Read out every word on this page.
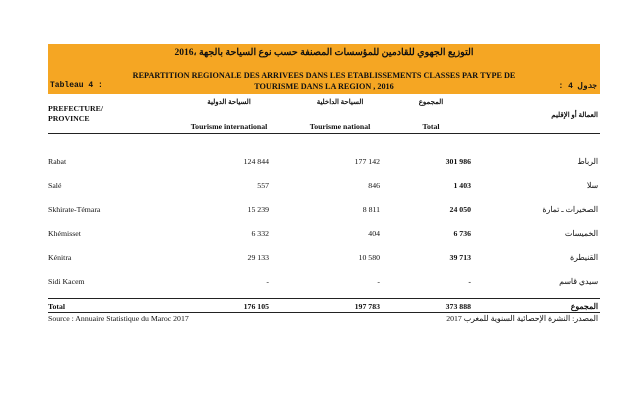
التوزيع الجهوي للقادمين للمؤسسات المصنفة حسب نوع السياحة بالجهة ،2016
REPARTITION REGIONALE DES ARRIVEES DANS LES ETABLISSEMENTS CLASSES PAR TYPE DE
TOURISME DANS LA REGION , 2016
Tableau 4 :	جدول 4 :
PREFECTURE/
PROVINCE
السياحة الدولية
Tourisme international
السياحة الداخلية
Tourisme national
المجموع
Total
العمالة أو الإقليم
Rabat	124 844	177 142	301 986	الرباط
Salé	557	846	1 403	سلا
Skhirate-Témara	15 239	8 811	24 050	الصخيرات ـ تمارة
Khémisset	6 332	404	6 736	الخميسات
Kénitra	29 133	10 580	39 713	القنيطرة
Sidi Kacem	-	-	-	سيدي قاسم
Total	176 105	197 783	373 888	المجموع
Source : Annuaire Statistique du Maroc 2017	المصدر: النشرة الإحصائية السنوية للمغرب 2017
